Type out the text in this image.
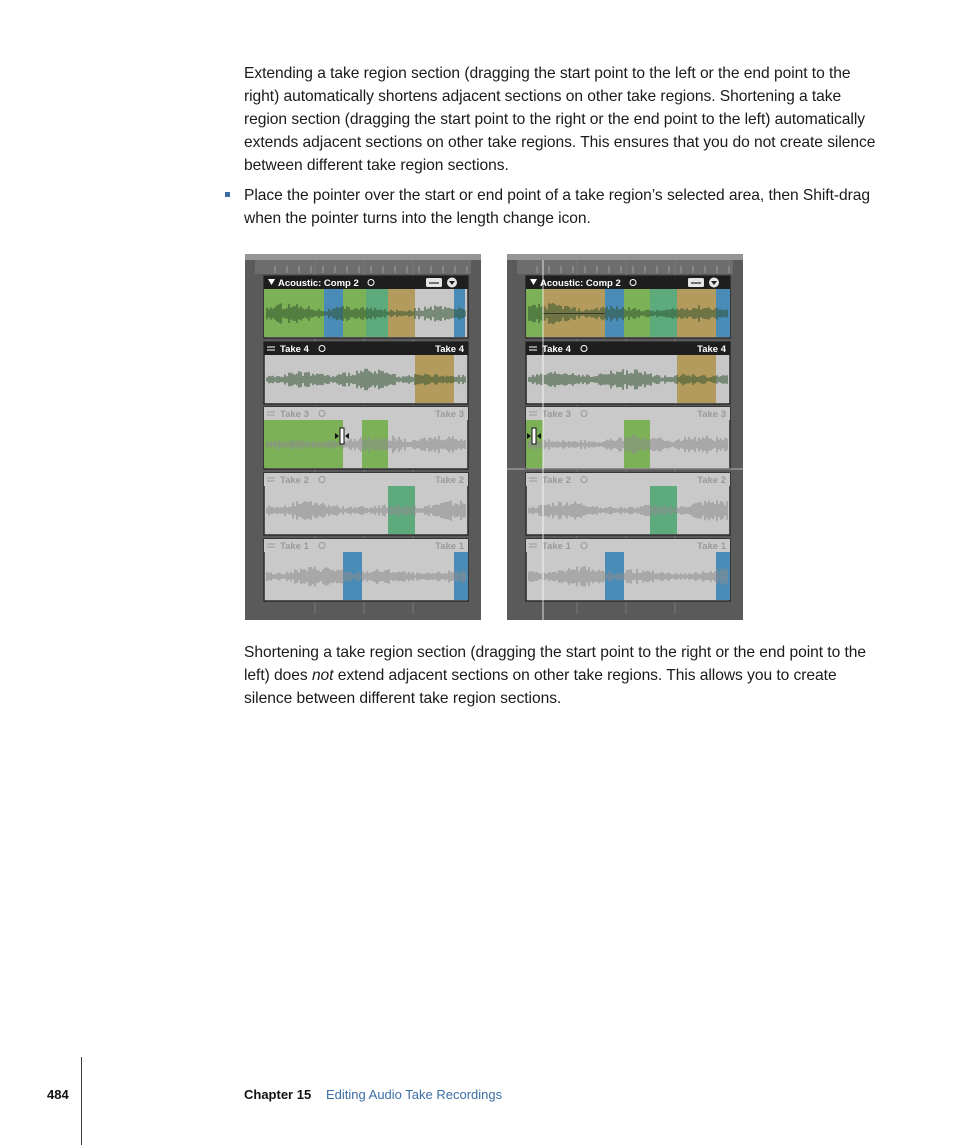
Extending a take region section (dragging the start point to the left or the end point to the right) automatically shortens adjacent sections on other take regions. Shortening a take region section (dragging the start point to the right or the end point to the left) automatically extends adjacent sections on other take regions. This ensures that you do not create silence between different take region sections.

Place the pointer over the start or end point of a take region’s selected area, then Shift-drag when the pointer turns into the length change icon.

Acoustic: Comp 2
Take 4	Take 4
Take 3	Take 3
Take 2	Take 2
Take 1	Take 1
Acoustic: Comp 2
Take 4	Take 4
Take 3	Take 3
Take 2	Take 2
Take 1	Take 1

Shortening a take region section (dragging the start point to the right or the end point to the left) does not extend adjacent sections on other take regions. This allows you to create silence between different take region sections.

484	Chapter 15 Editing Audio Take Recordings
